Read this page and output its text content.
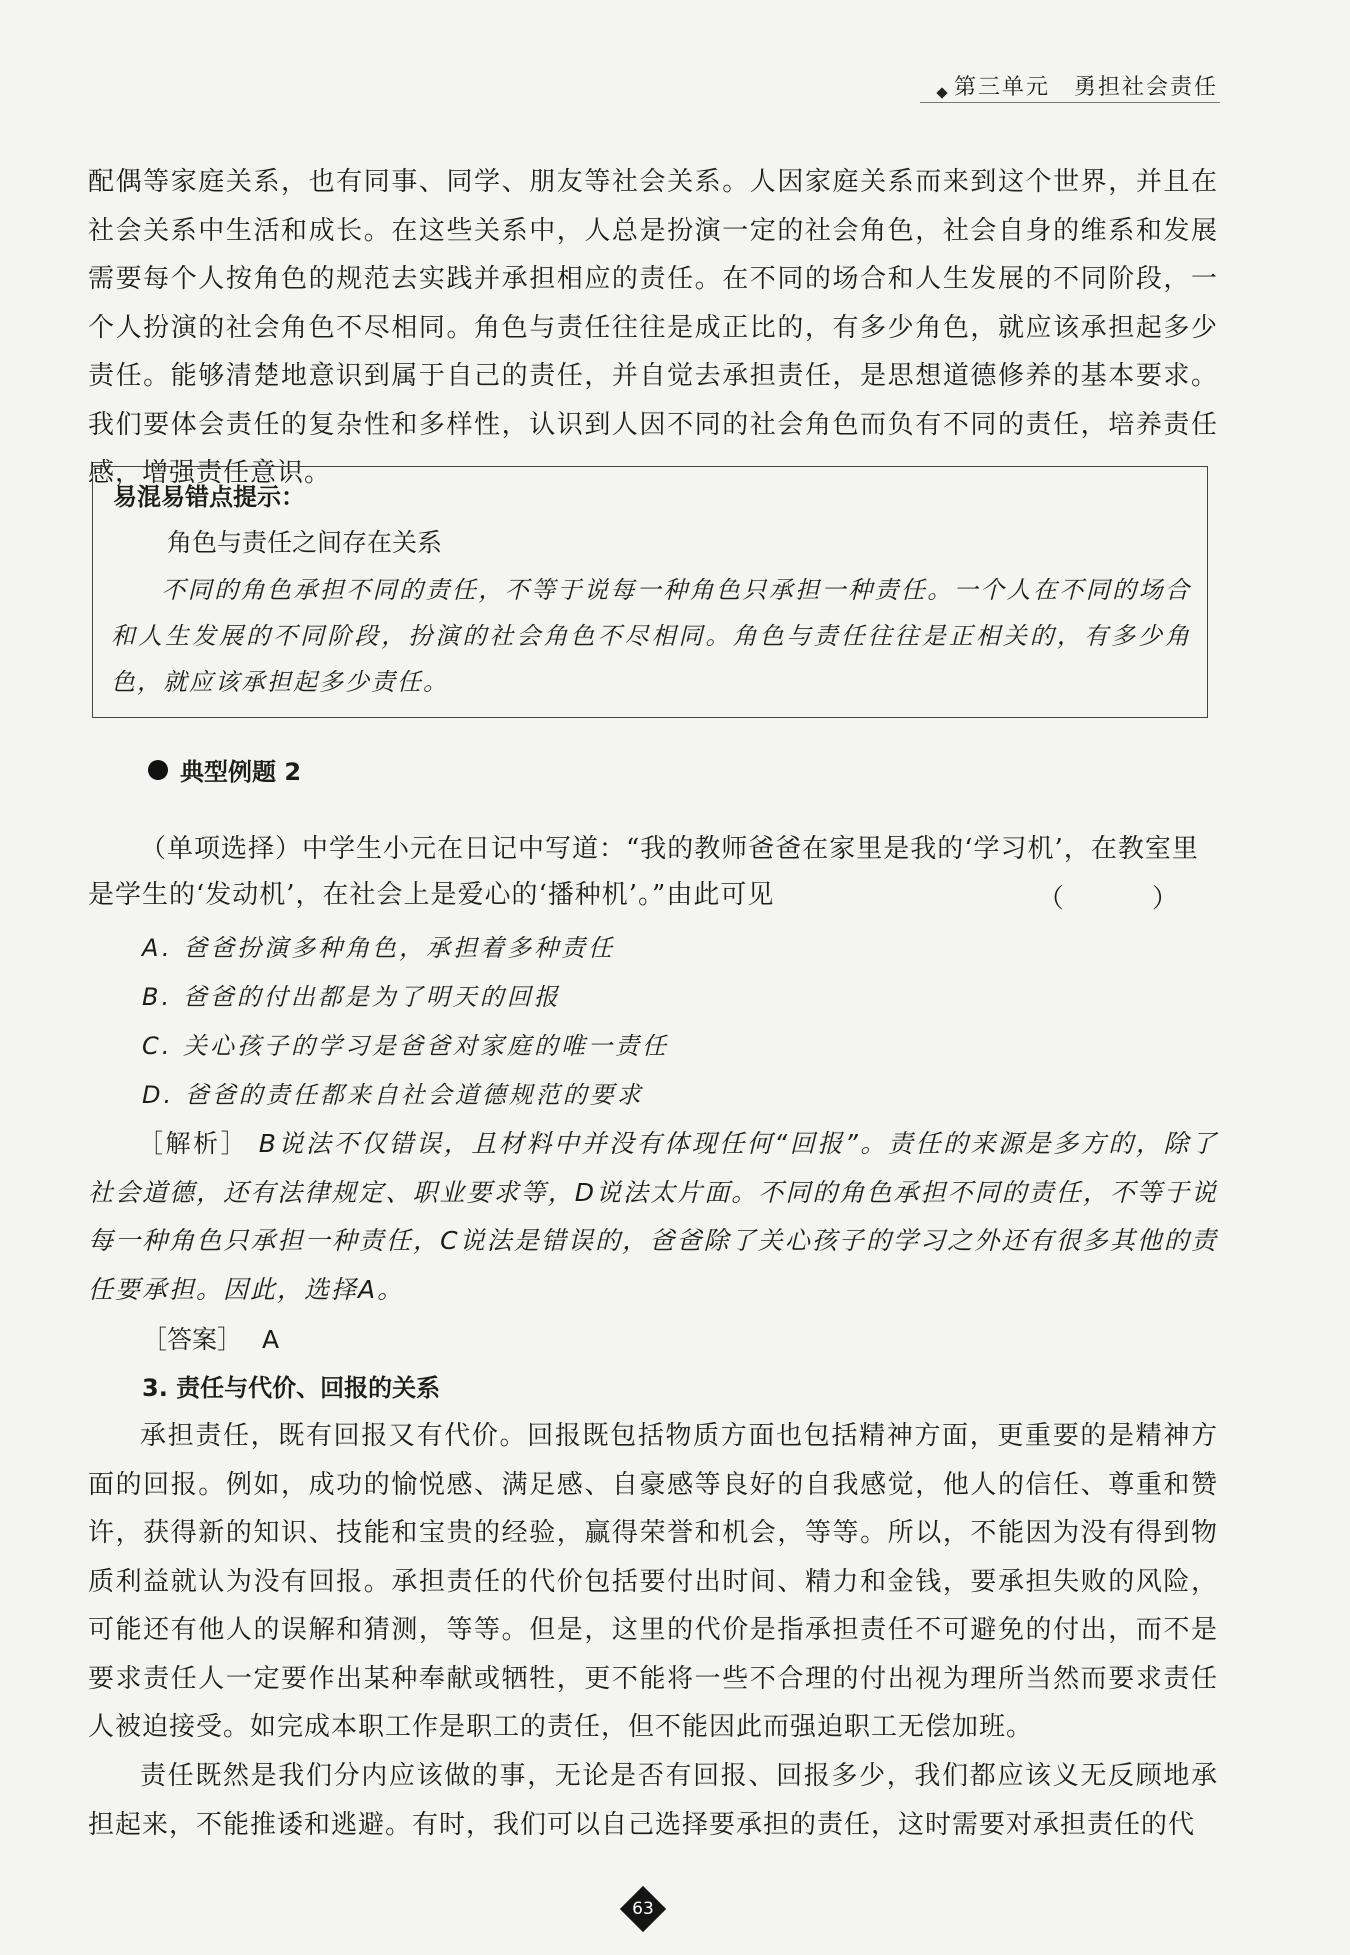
第三单元　勇担社会责任

配偶等家庭关系，也有同事、同学、朋友等社会关系。人因家庭关系而来到这个世界，并且在社会关系中生活和成长。在这些关系中，人总是扮演一定的社会角色，社会自身的维系和发展需要每个人按角色的规范去实践并承担相应的责任。在不同的场合和人生发展的不同阶段，一个人扮演的社会角色不尽相同。角色与责任往往是成正比的，有多少角色，就应该承担起多少责任。能够清楚地意识到属于自己的责任，并自觉去承担责任，是思想道德修养的基本要求。我们要体会责任的复杂性和多样性，认识到人因不同的社会角色而负有不同的责任，培养责任感，增强责任意识。

易混易错点提示：
角色与责任之间存在关系
不同的角色承担不同的责任，不等于说每一种角色只承担一种责任。一个人在不同的场合和人生发展的不同阶段，扮演的社会角色不尽相同。角色与责任往往是正相关的，有多少角色，就应该承担起多少责任。
典型例题 2
（单项选择）中学生小元在日记中写道：“我的教师爸爸在家里是我的‘学习机’，在教室里是学生的‘发动机’，在社会上是爱心的‘播种机’。”由此可见	（ ）
A. 爸爸扮演多种角色，承担着多种责任
B. 爸爸的付出都是为了明天的回报
C. 关心孩子的学习是爸爸对家庭的唯一责任
D. 爸爸的责任都来自社会道德规范的要求
［解析］ B说法不仅错误，且材料中并没有体现任何“回报”。责任的来源是多方的，除了社会道德，还有法律规定、职业要求等，D说法太片面。不同的角色承担不同的责任，不等于说每一种角色只承担一种责任，C说法是错误的，爸爸除了关心孩子的学习之外还有很多其他的责任要承担。因此，选择A。
［答案］ A
3. 责任与代价、回报的关系

承担责任，既有回报又有代价。回报既包括物质方面也包括精神方面，更重要的是精神方面的回报。例如，成功的愉悦感、满足感、自豪感等良好的自我感觉，他人的信任、尊重和赞许，获得新的知识、技能和宝贵的经验，赢得荣誉和机会，等等。所以，不能因为没有得到物质利益就认为没有回报。承担责任的代价包括要付出时间、精力和金钱，要承担失败的风险，可能还有他人的误解和猜测，等等。但是，这里的代价是指承担责任不可避免的付出，而不是要求责任人一定要作出某种奉献或牺牲，更不能将一些不合理的付出视为理所当然而要求责任人被迫接受。如完成本职工作是职工的责任，但不能因此而强迫职工无偿加班。

责任既然是我们分内应该做的事，无论是否有回报、回报多少，我们都应该义无反顾地承担起来，不能推诿和逃避。有时，我们可以自己选择要承担的责任，这时需要对承担责任的代

63
